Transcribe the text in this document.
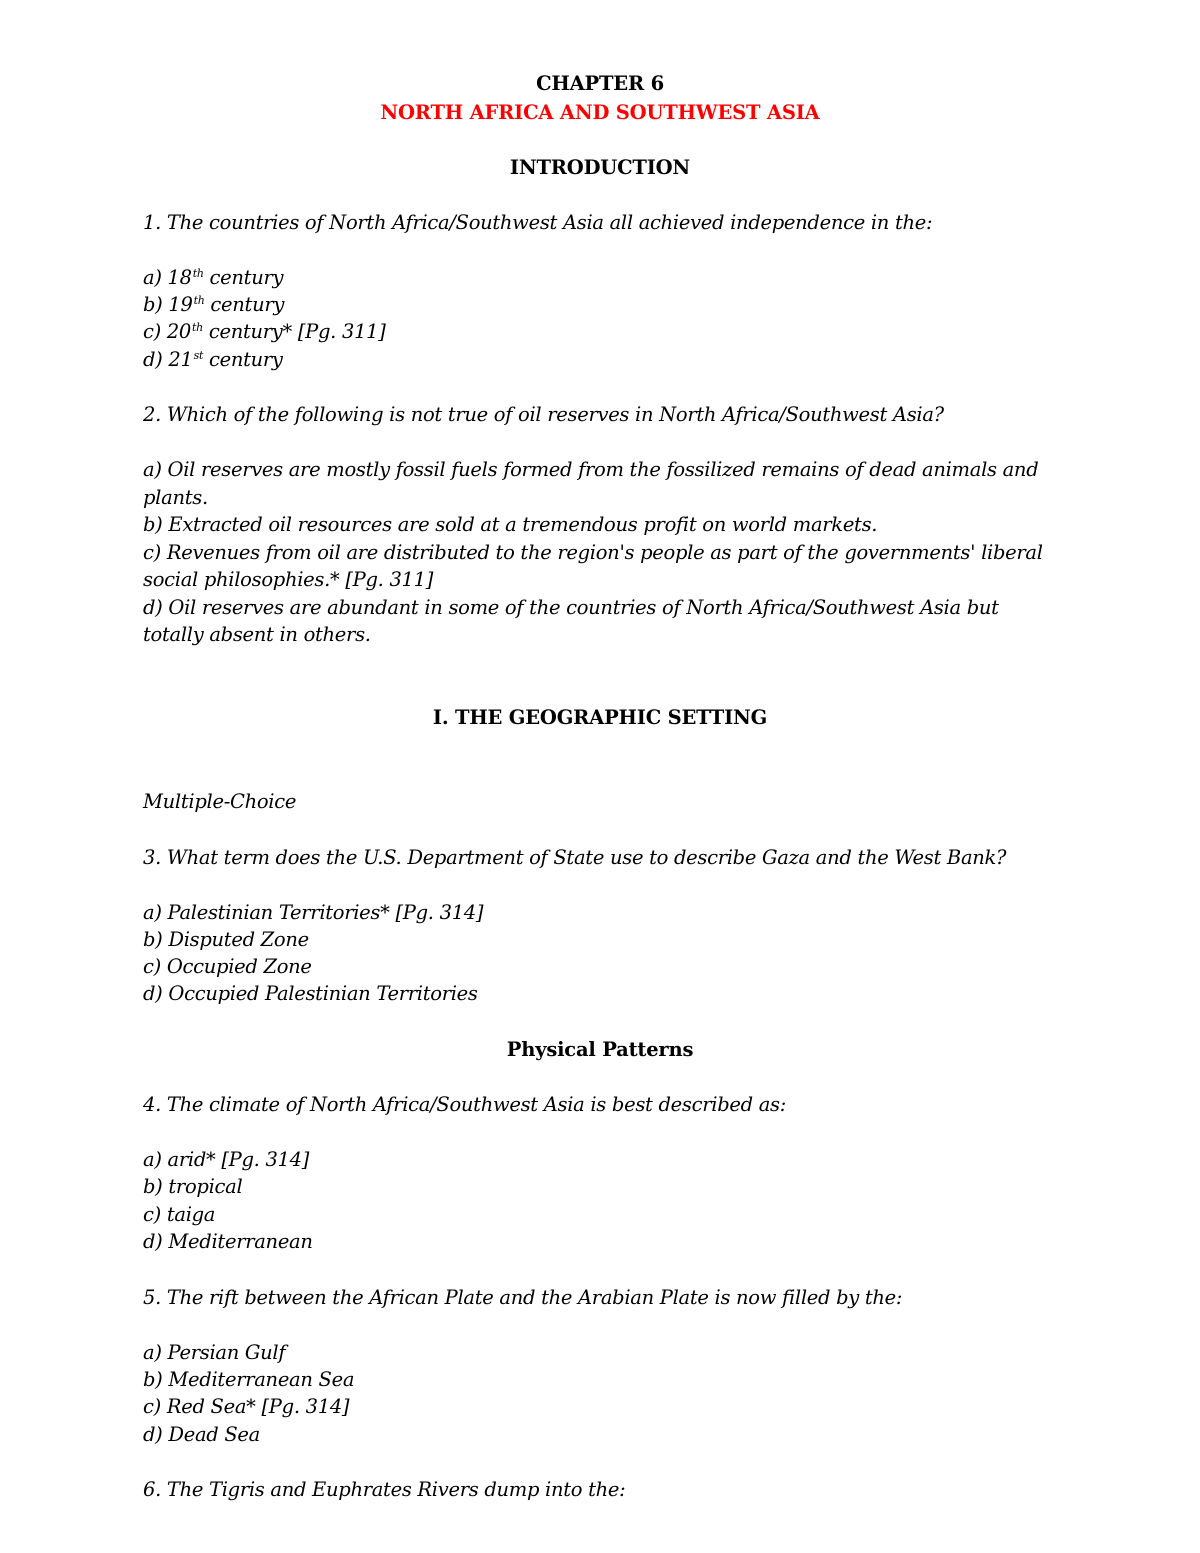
CHAPTER 6
NORTH AFRICA AND SOUTHWEST ASIA
INTRODUCTION
1. The countries of North Africa/Southwest Asia all achieved independence in the:
a) 18th century
b) 19th century
c) 20th century* [Pg. 311]
d) 21st century
2. Which of the following is not true of oil reserves in North Africa/Southwest Asia?
a) Oil reserves are mostly fossil fuels formed from the fossilized remains of dead animals and
plants.
b) Extracted oil resources are sold at a tremendous profit on world markets.
c) Revenues from oil are distributed to the region's people as part of the governments' liberal
social philosophies.* [Pg. 311]
d) Oil reserves are abundant in some of the countries of North Africa/Southwest Asia but
totally absent in others.
I. THE GEOGRAPHIC SETTING
Multiple-Choice
3. What term does the U.S. Department of State use to describe Gaza and the West Bank?
a) Palestinian Territories* [Pg. 314]
b) Disputed Zone
c) Occupied Zone
d) Occupied Palestinian Territories
Physical Patterns
4. The climate of North Africa/Southwest Asia is best described as:
a) arid* [Pg. 314]
b) tropical
c) taiga
d) Mediterranean
5. The rift between the African Plate and the Arabian Plate is now filled by the:
a) Persian Gulf
b) Mediterranean Sea
c) Red Sea* [Pg. 314]
d) Dead Sea
6. The Tigris and Euphrates Rivers dump into the:
